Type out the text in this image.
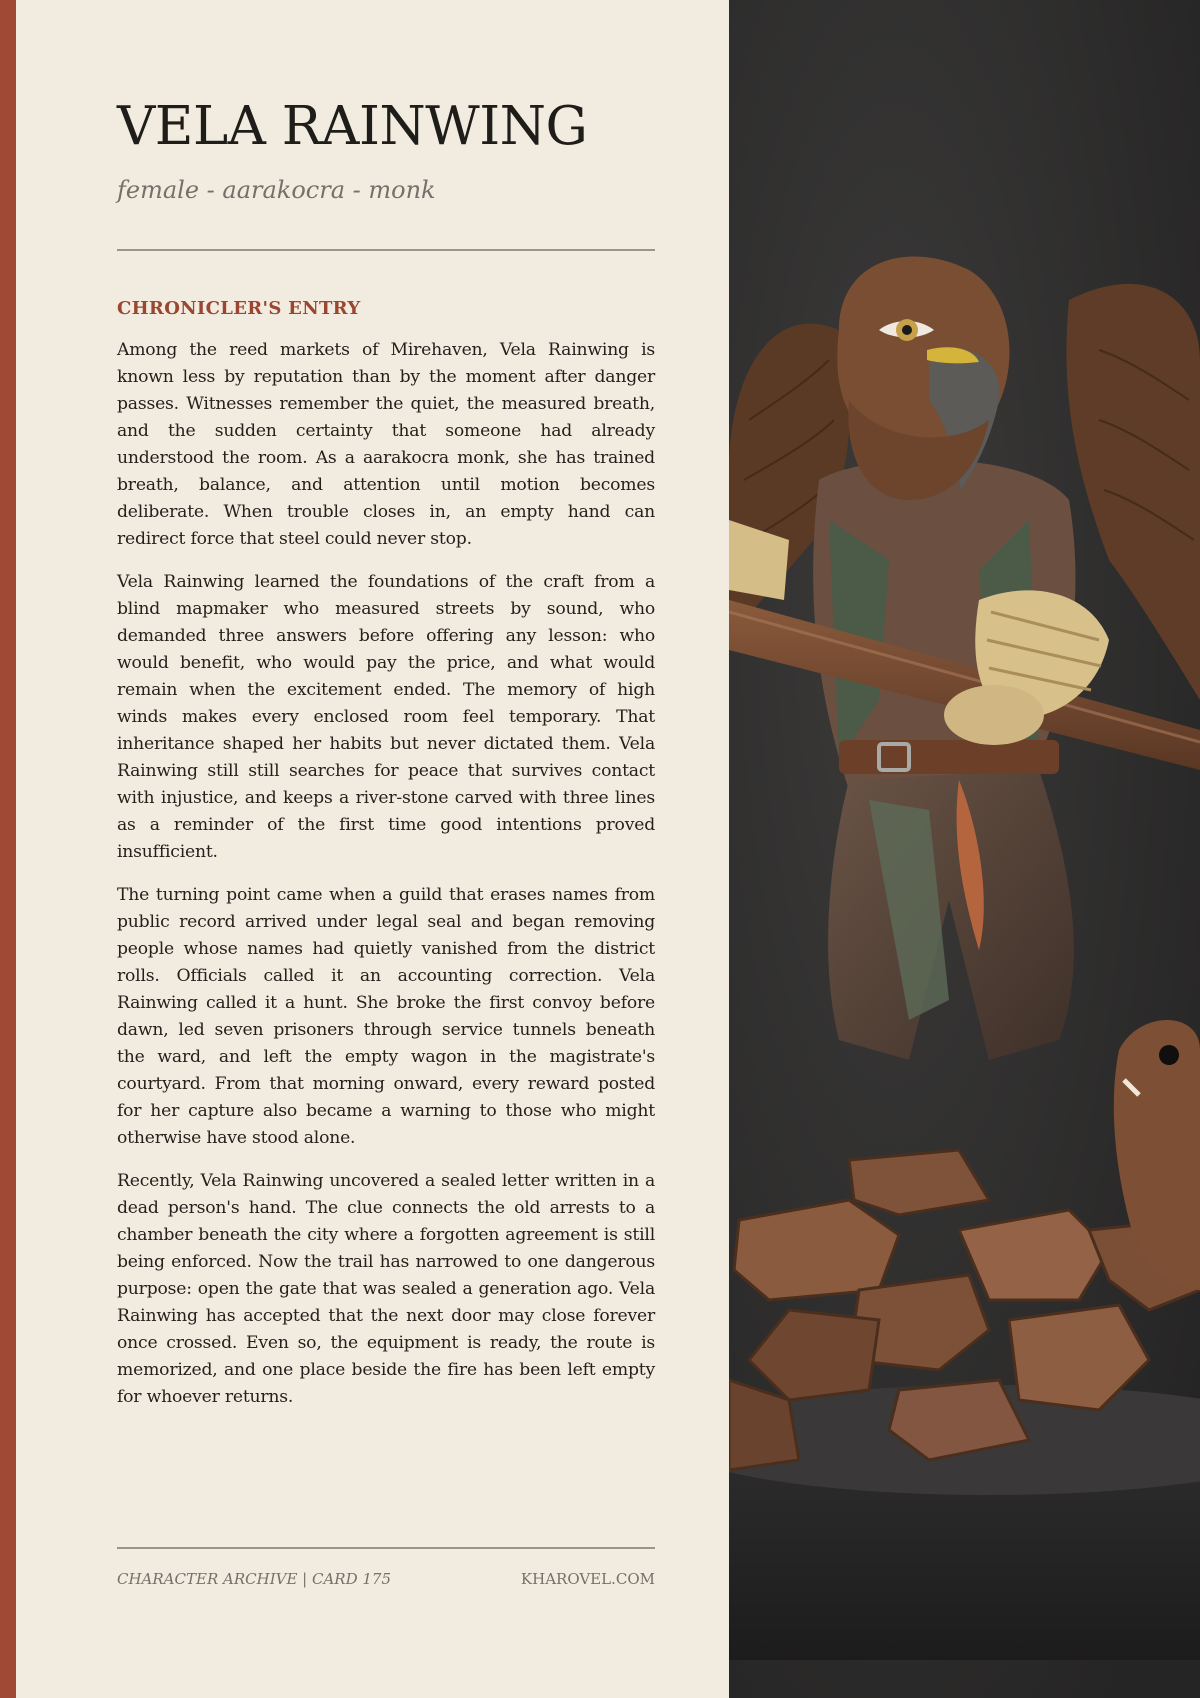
VELA RAINWING
female - aarakocra - monk
CHRONICLER'S ENTRY

Among the reed markets of Mirehaven, Vela Rainwing is known less by reputation than by the moment after danger passes. Witnesses remember the quiet, the measured breath, and the sudden certainty that someone had already understood the room. As a aarakocra monk, she has trained breath, balance, and attention until motion becomes deliberate. When trouble closes in, an empty hand can redirect force that steel could never stop.

Vela Rainwing learned the foundations of the craft from a blind mapmaker who measured streets by sound, who demanded three answers before offering any lesson: who would benefit, who would pay the price, and what would remain when the excitement ended. The memory of high winds makes every enclosed room feel temporary. That inheritance shaped her habits but never dictated them. Vela Rainwing still still searches for peace that survives contact with injustice, and keeps a river-stone carved with three lines as a reminder of the first time good intentions proved insufficient.

The turning point came when a guild that erases names from public record arrived under legal seal and began removing people whose names had quietly vanished from the district rolls. Officials called it an accounting correction. Vela Rainwing called it a hunt. She broke the first convoy before dawn, led seven prisoners through service tunnels beneath the ward, and left the empty wagon in the magistrate's courtyard. From that morning onward, every reward posted for her capture also became a warning to those who might otherwise have stood alone.

Recently, Vela Rainwing uncovered a sealed letter written in a dead person's hand. The clue connects the old arrests to a chamber beneath the city where a forgotten agreement is still being enforced. Now the trail has narrowed to one dangerous purpose: open the gate that was sealed a generation ago. Vela Rainwing has accepted that the next door may close forever once crossed. Even so, the equipment is ready, the route is memorized, and one place beside the fire has been left empty for whoever returns.

CHARACTER ARCHIVE | CARD 175	KHAROVEL.COM
